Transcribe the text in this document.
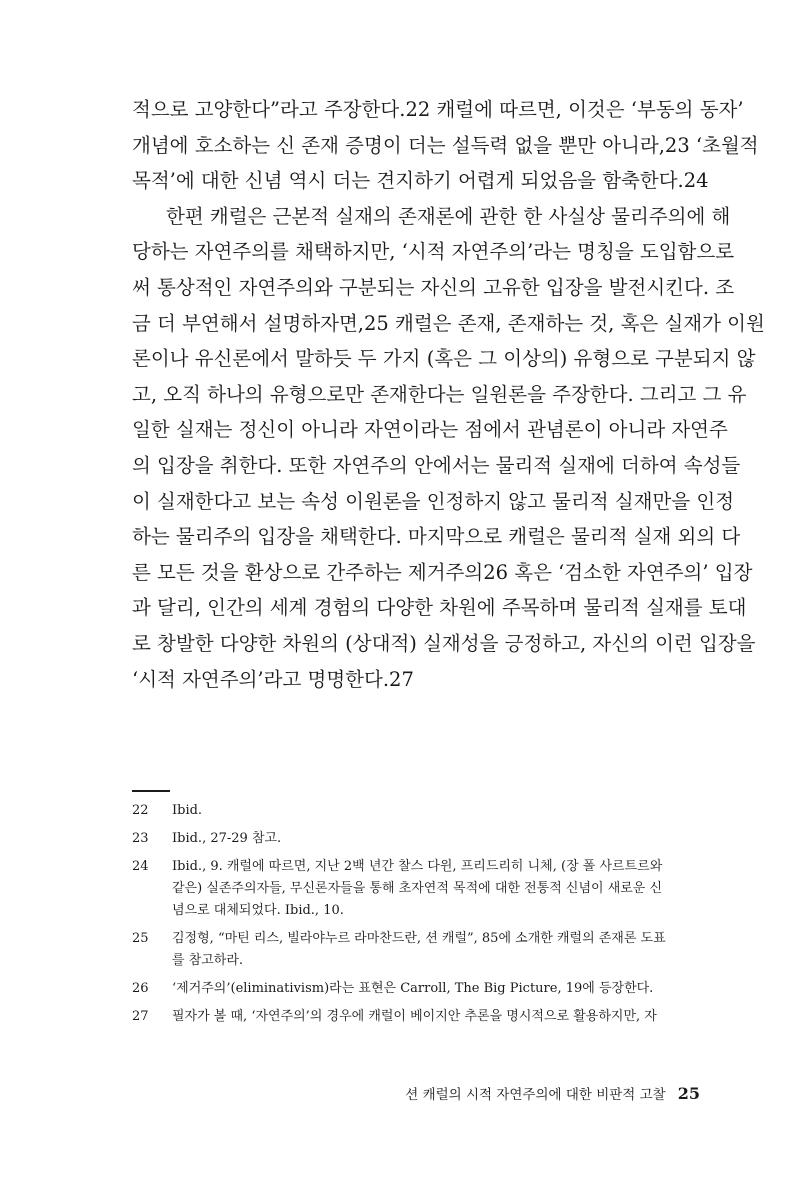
적으로 고양한다”라고 주장한다.22 캐럴에 따르면, 이것은 ‘부동의 동자’
개념에 호소하는 신 존재 증명이 더는 설득력 없을 뿐만 아니라,23 ‘초월적
목적’에 대한 신념 역시 더는 견지하기 어렵게 되었음을 함축한다.24
한편 캐럴은 근본적 실재의 존재론에 관한 한 사실상 물리주의에 해
당하는 자연주의를 채택하지만, ‘시적 자연주의’라는 명칭을 도입함으로
써 통상적인 자연주의와 구분되는 자신의 고유한 입장을 발전시킨다. 조
금 더 부연해서 설명하자면,25 캐럴은 존재, 존재하는 것, 혹은 실재가 이원
론이나 유신론에서 말하듯 두 가지 (혹은 그 이상의) 유형으로 구분되지 않
고, 오직 하나의 유형으로만 존재한다는 일원론을 주장한다. 그리고 그 유
일한 실재는 정신이 아니라 자연이라는 점에서 관념론이 아니라 자연주
의 입장을 취한다. 또한 자연주의 안에서는 물리적 실재에 더하여 속성들
이 실재한다고 보는 속성 이원론을 인정하지 않고 물리적 실재만을 인정
하는 물리주의 입장을 채택한다. 마지막으로 캐럴은 물리적 실재 외의 다
른 모든 것을 환상으로 간주하는 제거주의26 혹은 ‘검소한 자연주의’ 입장
과 달리, 인간의 세계 경험의 다양한 차원에 주목하며 물리적 실재를 토대
로 창발한 다양한 차원의 (상대적) 실재성을 긍정하고, 자신의 이런 입장을
‘시적 자연주의’라고 명명한다.27
22	Ibid.
23	Ibid., 27-29 참고.
24	Ibid., 9. 캐럴에 따르면, 지난 2백 년간 찰스 다윈, 프리드리히 니체, (장 폴 사르트르와
같은) 실존주의자들, 무신론자들을 통해 초자연적 목적에 대한 전통적 신념이 새로운 신
념으로 대체되었다. Ibid., 10.
25	김정형, “마틴 리스, 빌라야누르 라마찬드란, 션 캐럴”, 85에 소개한 캐럴의 존재론 도표
를 참고하라.
26	‘제거주의’(eliminativism)라는 표현은 Carroll, The Big Picture, 19에 등장한다.
27	필자가 볼 때, ‘자연주의’의 경우에 캐럴이 베이지안 추론을 명시적으로 활용하지만, 자
션 캐럴의 시적 자연주의에 대한 비판적 고찰 25
